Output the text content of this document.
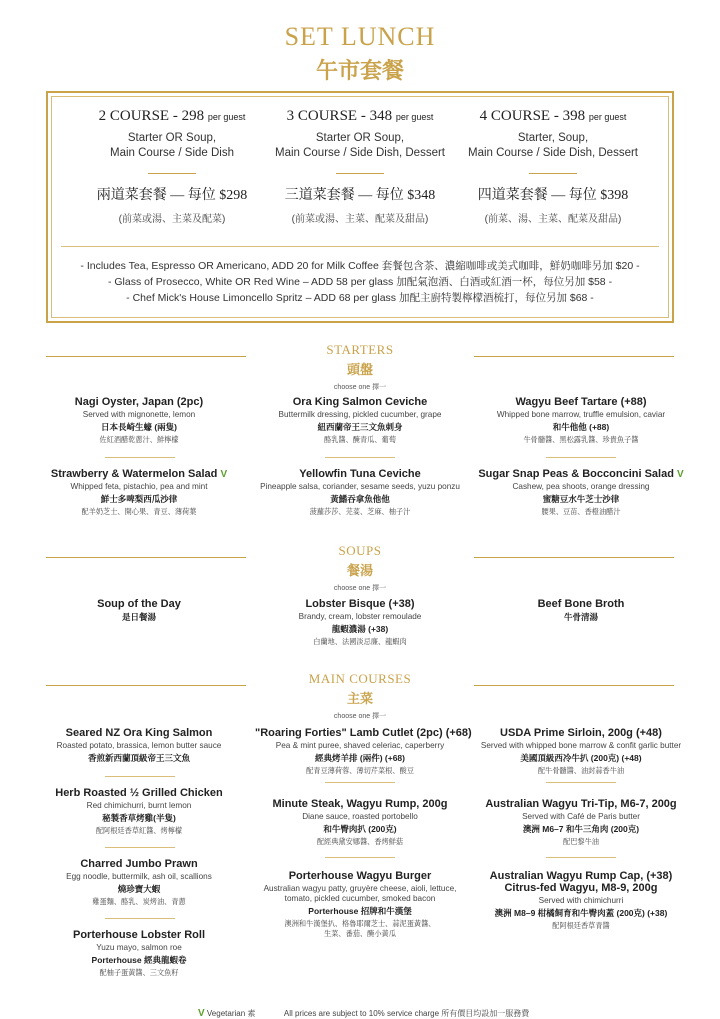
SET LUNCH
午市套餐
2 COURSE - 298 per guest
Starter OR Soup,
Main Course / Side Dish
兩道菜套餐 — 每位 $298
(前菜或湯、主菜及配菜)
3 COURSE - 348 per guest
Starter OR Soup,
Main Course / Side Dish, Dessert
三道菜套餐 — 每位 $348
(前菜或湯、主菜、配菜及甜品)
4 COURSE - 398 per guest
Starter, Soup,
Main Course / Side Dish, Dessert
四道菜套餐 — 每位 $398
(前菜、湯、主菜、配菜及甜品)
- Includes Tea, Espresso OR Americano, ADD 20 for Milk Coffee 套餐包含茶、濃縮咖啡或美式咖啡，鮮奶咖啡另加 $20 -
- Glass of Prosecco, White OR Red Wine – ADD 58 per glass 加配氣泡酒、白酒或紅酒一杯，每位另加 $58 -
- Chef Mick's House Limoncello Spritz – ADD 68 per glass 加配主廚特製檸檬酒梳打，每位另加 $68 -
STARTERS
頭盤
choose one 擇一
Nagi Oyster, Japan (2pc)
Served with mignonette, lemon
日本長崎生蠔 (兩隻)
佐紅酒醋乾蔥汁、鮮檸檬
Ora King Salmon Ceviche
Buttermilk dressing, pickled cucumber, grape
紐西蘭帝王三文魚刺身
酪乳醬、醃青瓜、葡萄
Wagyu Beef Tartare (+88)
Whipped bone marrow, truffle emulsion, caviar
和牛他他 (+88)
牛骨髓醬、黑松露乳醬、珍貴魚子醬
Strawberry & Watermelon Salad V
Whipped feta, pistachio, pea and mint
鮮士多啤梨西瓜沙律
配羊奶芝士、開心果、青豆、薄荷葉
Yellowfin Tuna Ceviche
Pineapple salsa, coriander, sesame seeds, yuzu ponzu
黃鰭吞拿魚他他
菠蘿莎莎、芫荽、芝麻、柚子汁
Sugar Snap Peas & Bocconcini Salad V
Cashew, pea shoots, orange dressing
蜜糖豆水牛芝士沙律
腰果、豆苗、香橙油醋汁
SOUPS
餐湯
choose one 擇一
Soup of the Day
是日餐湯
Lobster Bisque (+38)
Brandy, cream, lobster remoulade
龍蝦濃湯 (+38)
白蘭地、法國淡忌廉、龍蝦肉
Beef Bone Broth
牛骨清湯
MAIN COURSES
主菜
choose one 擇一
Seared NZ Ora King Salmon
Roasted potato, brassica, lemon butter sauce
香煎新西蘭頂級帝王三文魚
"Roaring Forties" Lamb Cutlet (2pc) (+68)
Pea & mint puree, shaved celeriac, caperberry
經典烤羊排 (兩件) (+68)
配青豆薄荷蓉、薄切芹菜根、酸豆
USDA Prime Sirloin, 200g (+48)
Served with whipped bone marrow & confit garlic butter
美國頂級西冷牛扒 (200克) (+48)
配牛骨髓醬、油封蒜香牛油
Herb Roasted ½ Grilled Chicken
Red chimichurri, burnt lemon
秘製香草烤雞(半隻)
配阿根廷香草紅醬、烤檸檬
Minute Steak, Wagyu Rump, 200g
Diane sauce, roasted portobello
和牛臀肉扒 (200克)
配經典黛安娜醬、香烤鮮菇
Australian Wagyu Tri-Tip, M6-7, 200g
Served with Café de Paris butter
澳洲 M6–7 和牛三角肉 (200克)
配巴黎牛油
Charred Jumbo Prawn
Egg noodle, buttermilk, ash oil, scallions
燒珍寶大蝦
雞蛋麵、酪乳、炭烤油、青蔥
Porterhouse Wagyu Burger
Australian wagyu patty, gruyère cheese, aioli, lettuce,
tomato, pickled cucumber, smoked bacon
Porterhouse 招牌和牛漢堡
澳洲和牛漢堡扒、格魯耶爾芝士、蒜泥蛋黃醬、
生菜、番茄、醃小黃瓜
Australian Wagyu Rump Cap, (+38)
Citrus-fed Wagyu, M8-9, 200g
Served with chimichurri
澳洲 M8–9 柑橘飼育和牛臀肉蓋 (200克) (+38)
配阿根廷香草青醬
Porterhouse Lobster Roll
Yuzu mayo, salmon roe
Porterhouse 經典龍蝦卷
配柚子蛋黃醬、三文魚籽
V Vegetarian 素	All prices are subject to 10% service charge 所有價目均設加一服務費
